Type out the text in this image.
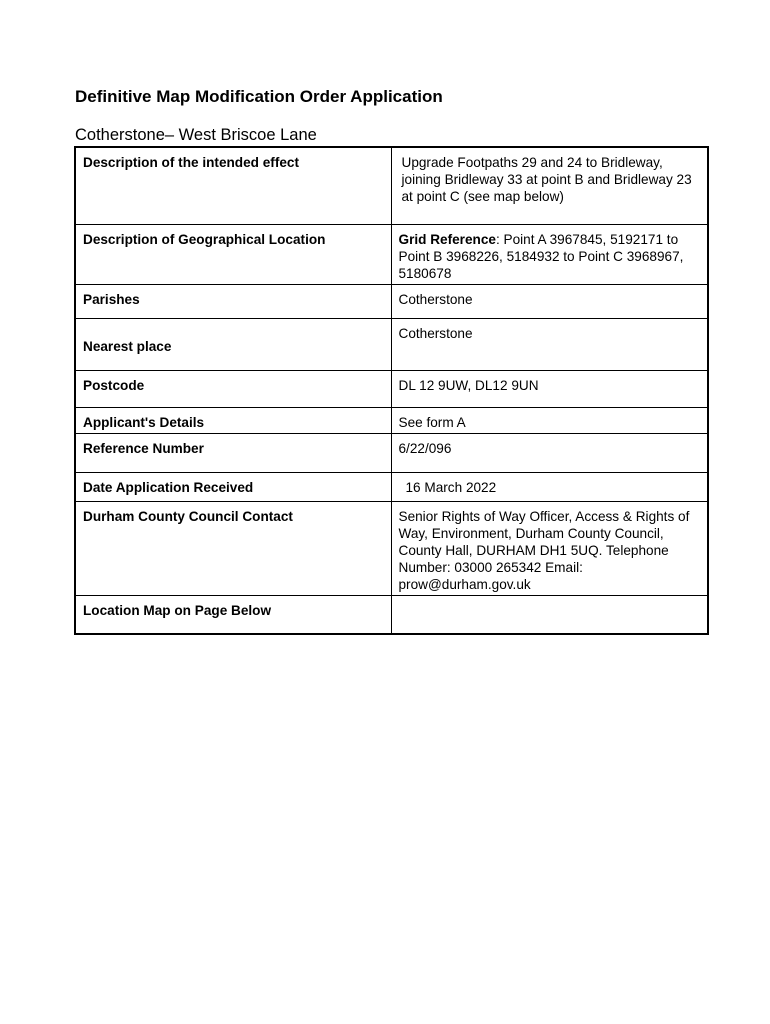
Definitive Map Modification Order Application

Cotherstone– West Briscoe Lane

Description of the intended effect	Upgrade Footpaths 29 and 24 to Bridleway, joining Bridleway 33 at point B and Bridleway 23 at point C (see map below)
Description of Geographical Location	Grid Reference: Point A 3967845, 5192171 to Point B 3968226, 5184932 to Point C 3968967, 5180678
Parishes	Cotherstone
Nearest place	Cotherstone
Postcode	DL 12 9UW, DL12 9UN
Applicant's Details	See form A
Reference Number	6/22/096
Date Application Received	16 March 2022
Durham County Council Contact	Senior Rights of Way Officer, Access & Rights of Way, Environment, Durham County Council, County Hall, DURHAM DH1 5UQ. Telephone Number: 03000 265342 Email: prow@durham.gov.uk
Location Map on Page Below	
